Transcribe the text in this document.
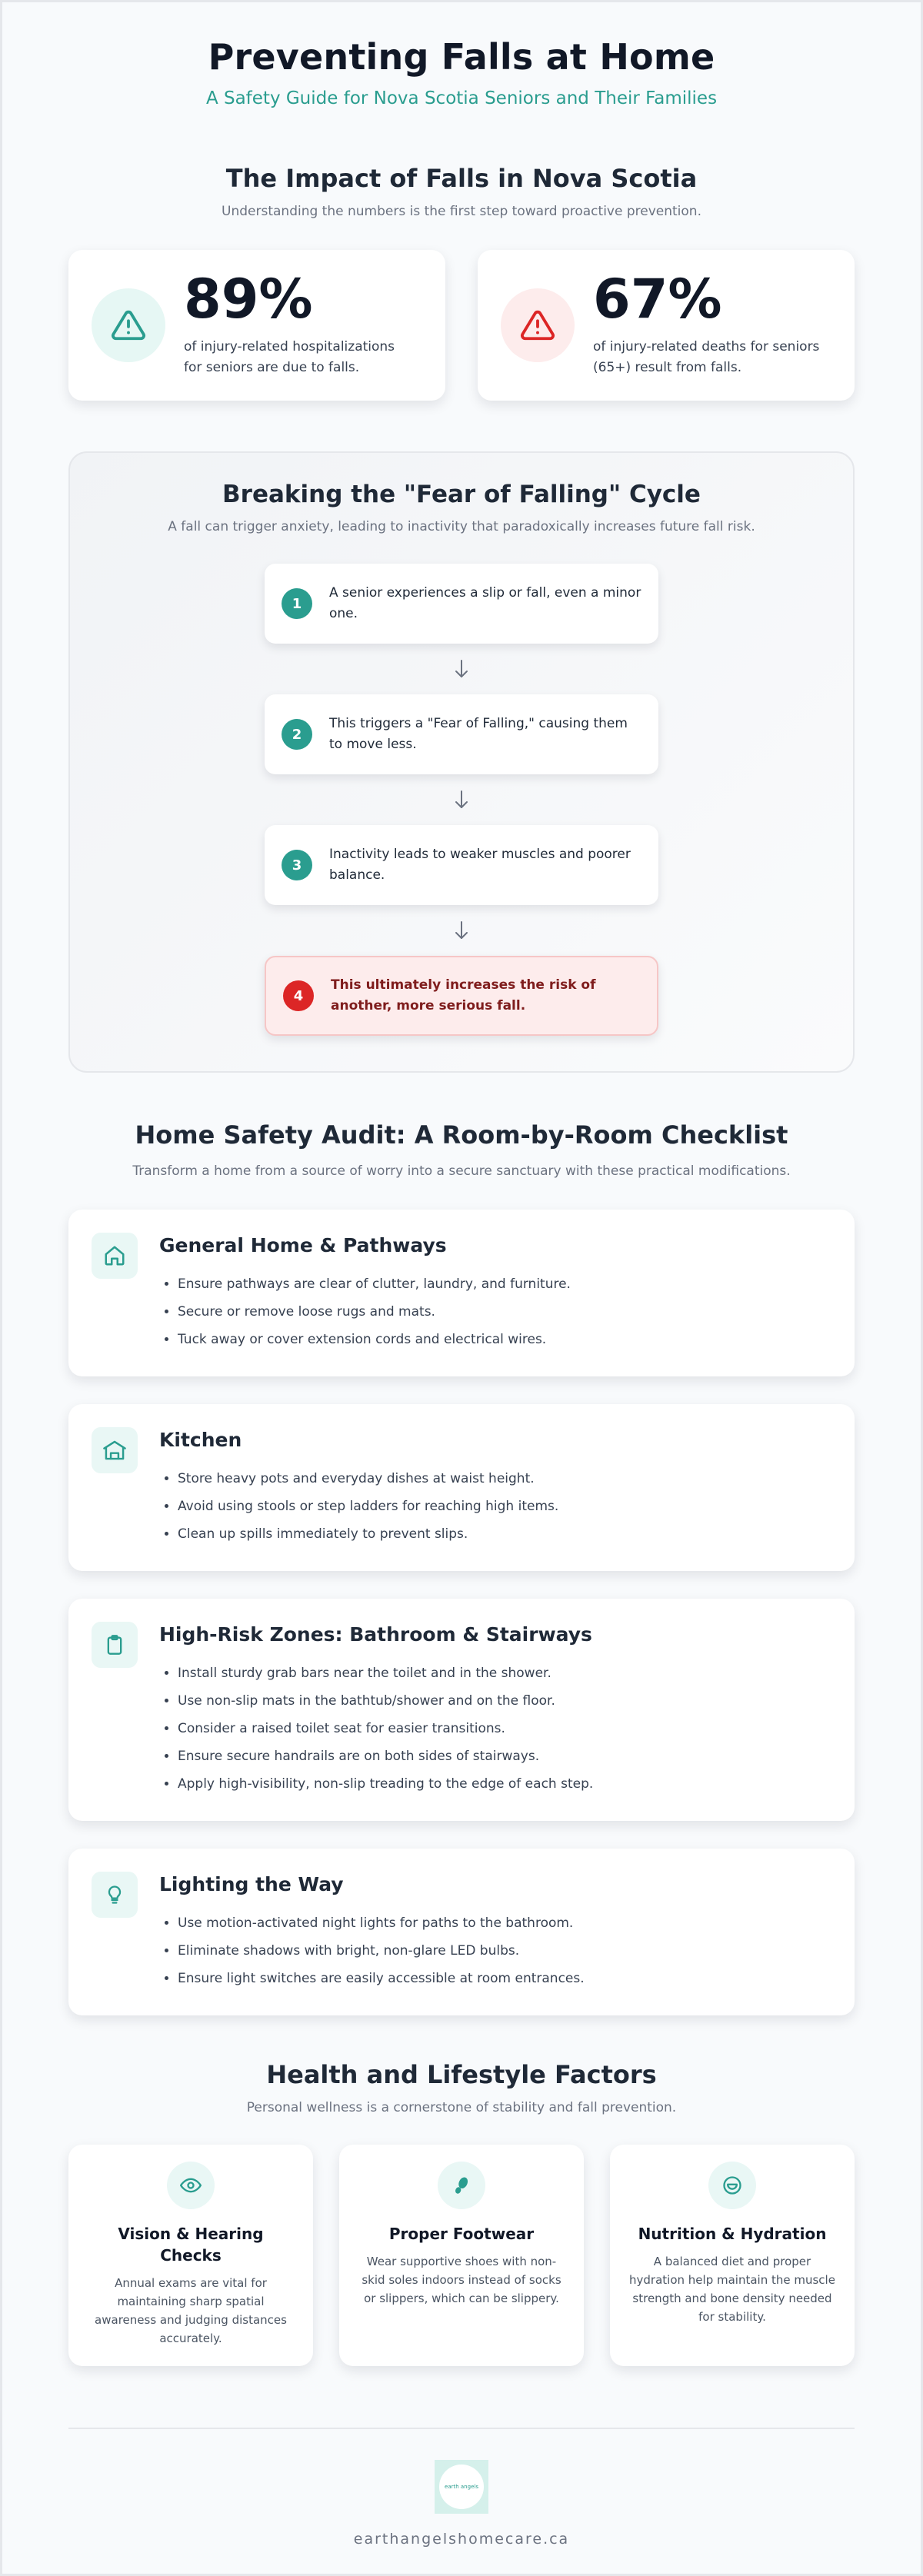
Preventing Falls at Home
A Safety Guide for Nova Scotia Seniors and Their Families
The Impact of Falls in Nova Scotia

Understanding the numbers is the first step toward proactive prevention.

89%
of injury-related hospitalizations for seniors are due to falls.
67%
of injury-related deaths for seniors (65+) result from falls.
Breaking the "Fear of Falling" Cycle

A fall can trigger anxiety, leading to inactivity that paradoxically increases future fall risk.

1
A senior experiences a slip or fall, even a minor one.
2
This triggers a "Fear of Falling," causing them to move less.
3
Inactivity leads to weaker muscles and poorer balance.
4
This ultimately increases the risk of another, more serious fall.
Home Safety Audit: A Room-by-Room Checklist

Transform a home from a source of worry into a secure sanctuary with these practical modifications.

General Home & Pathways
• Ensure pathways are clear of clutter, laundry, and furniture.
• Secure or remove loose rugs and mats.
• Tuck away or cover extension cords and electrical wires.
Kitchen
• Store heavy pots and everyday dishes at waist height.
• Avoid using stools or step ladders for reaching high items.
• Clean up spills immediately to prevent slips.
High-Risk Zones: Bathroom & Stairways
• Install sturdy grab bars near the toilet and in the shower.
• Use non-slip mats in the bathtub/shower and on the floor.
• Consider a raised toilet seat for easier transitions.
• Ensure secure handrails are on both sides of stairways.
• Apply high-visibility, non-slip treading to the edge of each step.
Lighting the Way
• Use motion-activated night lights for paths to the bathroom.
• Eliminate shadows with bright, non-glare LED bulbs.
• Ensure light switches are easily accessible at room entrances.
Health and Lifestyle Factors

Personal wellness is a cornerstone of stability and fall prevention.

Vision & Hearing Checks
Annual exams are vital for maintaining sharp spatial awareness and judging distances accurately.
Proper Footwear
Wear supportive shoes with non-skid soles indoors instead of socks or slippers, which can be slippery.
Nutrition & Hydration
A balanced diet and proper hydration help maintain the muscle strength and bone density needed for stability.
earth angels
earthangelshomecare.ca
